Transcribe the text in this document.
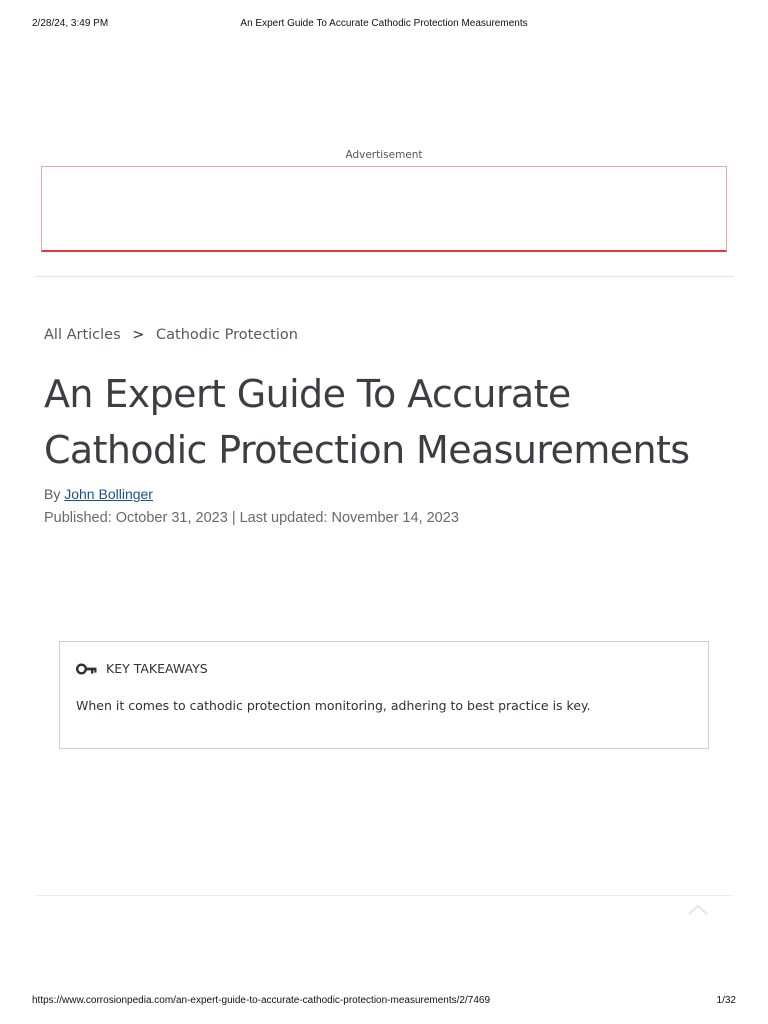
2/28/24, 3:49 PM	An Expert Guide To Accurate Cathodic Protection Measurements
Advertisement
All Articles > Cathodic Protection
An Expert Guide To Accurate Cathodic Protection Measurements
By John Bollinger
Published: October 31, 2023 | Last updated: November 14, 2023
KEY TAKEAWAYS
When it comes to cathodic protection monitoring, adhering to best practice is key.
https://www.corrosionpedia.com/an-expert-guide-to-accurate-cathodic-protection-measurements/2/7469	1/32
